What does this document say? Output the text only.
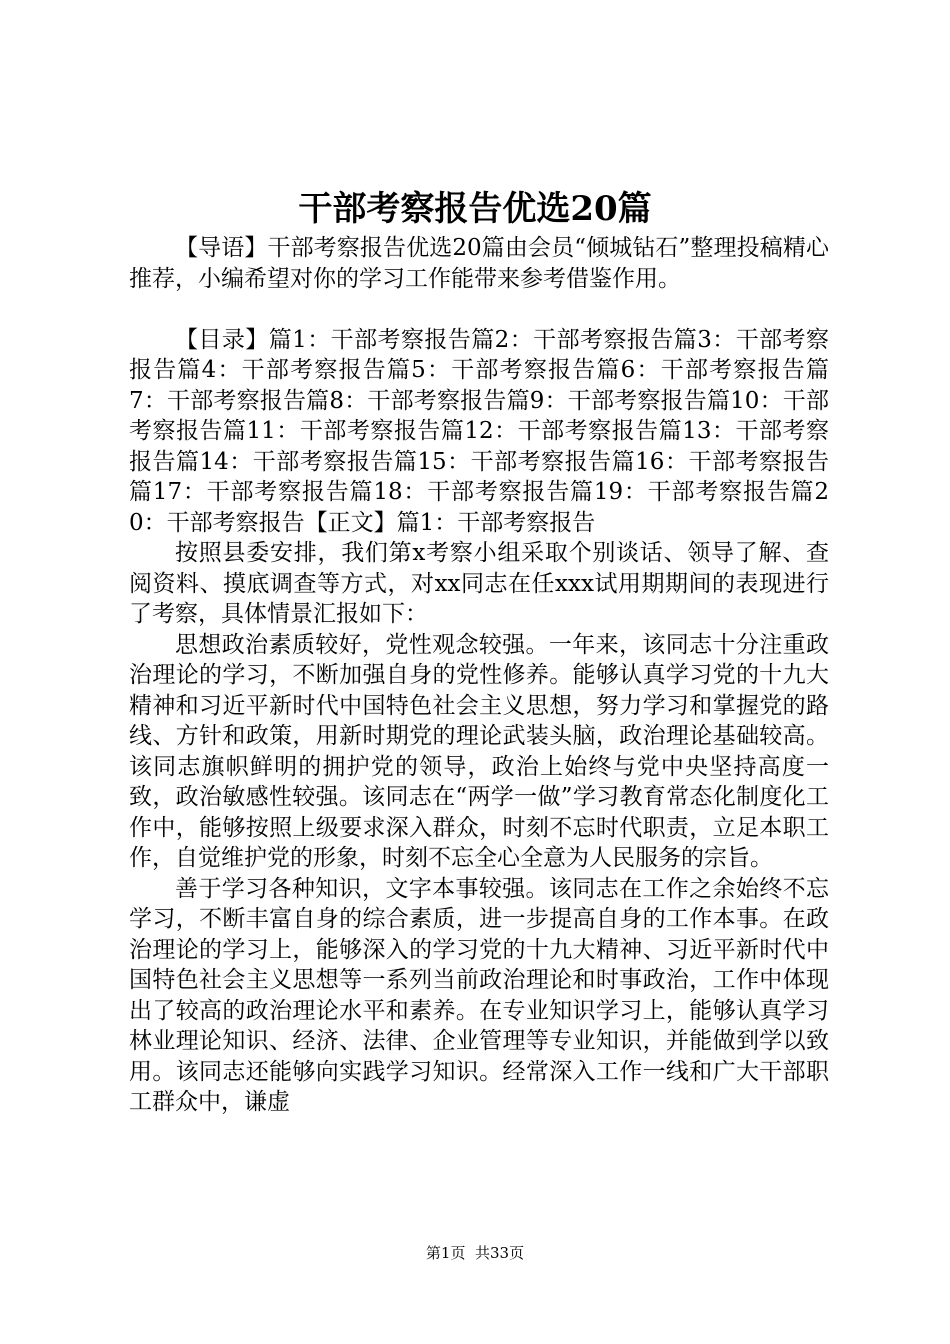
干部考察报告优选20篇

【导语】干部考察报告优选20篇由会员“倾城钻石”整理投稿精心推荐，小编希望对你的学习工作能带来参考借鉴作用。

【目录】篇1：干部考察报告篇2：干部考察报告篇3：干部考察报告篇4：干部考察报告篇5：干部考察报告篇6：干部考察报告篇7：干部考察报告篇8：干部考察报告篇9：干部考察报告篇10：干部考察报告篇11：干部考察报告篇12：干部考察报告篇13：干部考察报告篇14：干部考察报告篇15：干部考察报告篇16：干部考察报告篇17：干部考察报告篇18：干部考察报告篇19：干部考察报告篇20：干部考察报告【正文】篇1：干部考察报告

按照县委安排，我们第x考察小组采取个别谈话、领导了解、查阅资料、摸底调查等方式，对xx同志在任xxx试用期期间的表现进行了考察，具体情景汇报如下：

思想政治素质较好，党性观念较强。一年来，该同志十分注重政治理论的学习，不断加强自身的党性修养。能够认真学习党的十九大精神和习近平新时代中国特色社会主义思想，努力学习和掌握党的路线、方针和政策，用新时期党的理论武装头脑，政治理论基础较高。该同志旗帜鲜明的拥护党的领导，政治上始终与党中央坚持高度一致，政治敏感性较强。该同志在“两学一做”学习教育常态化制度化工作中，能够按照上级要求深入群众，时刻不忘时代职责，立足本职工作，自觉维护党的形象，时刻不忘全心全意为人民服务的宗旨。

善于学习各种知识，文字本事较强。该同志在工作之余始终不忘学习，不断丰富自身的综合素质，进一步提高自身的工作本事。在政治理论的学习上，能够深入的学习党的十九大精神、习近平新时代中国特色社会主义思想等一系列当前政治理论和时事政治，工作中体现出了较高的政治理论水平和素养。在专业知识学习上，能够认真学习林业理论知识、经济、法律、企业管理等专业知识，并能做到学以致用。该同志还能够向实践学习知识。经常深入工作一线和广大干部职工群众中，谦虚

第1页 共33页
